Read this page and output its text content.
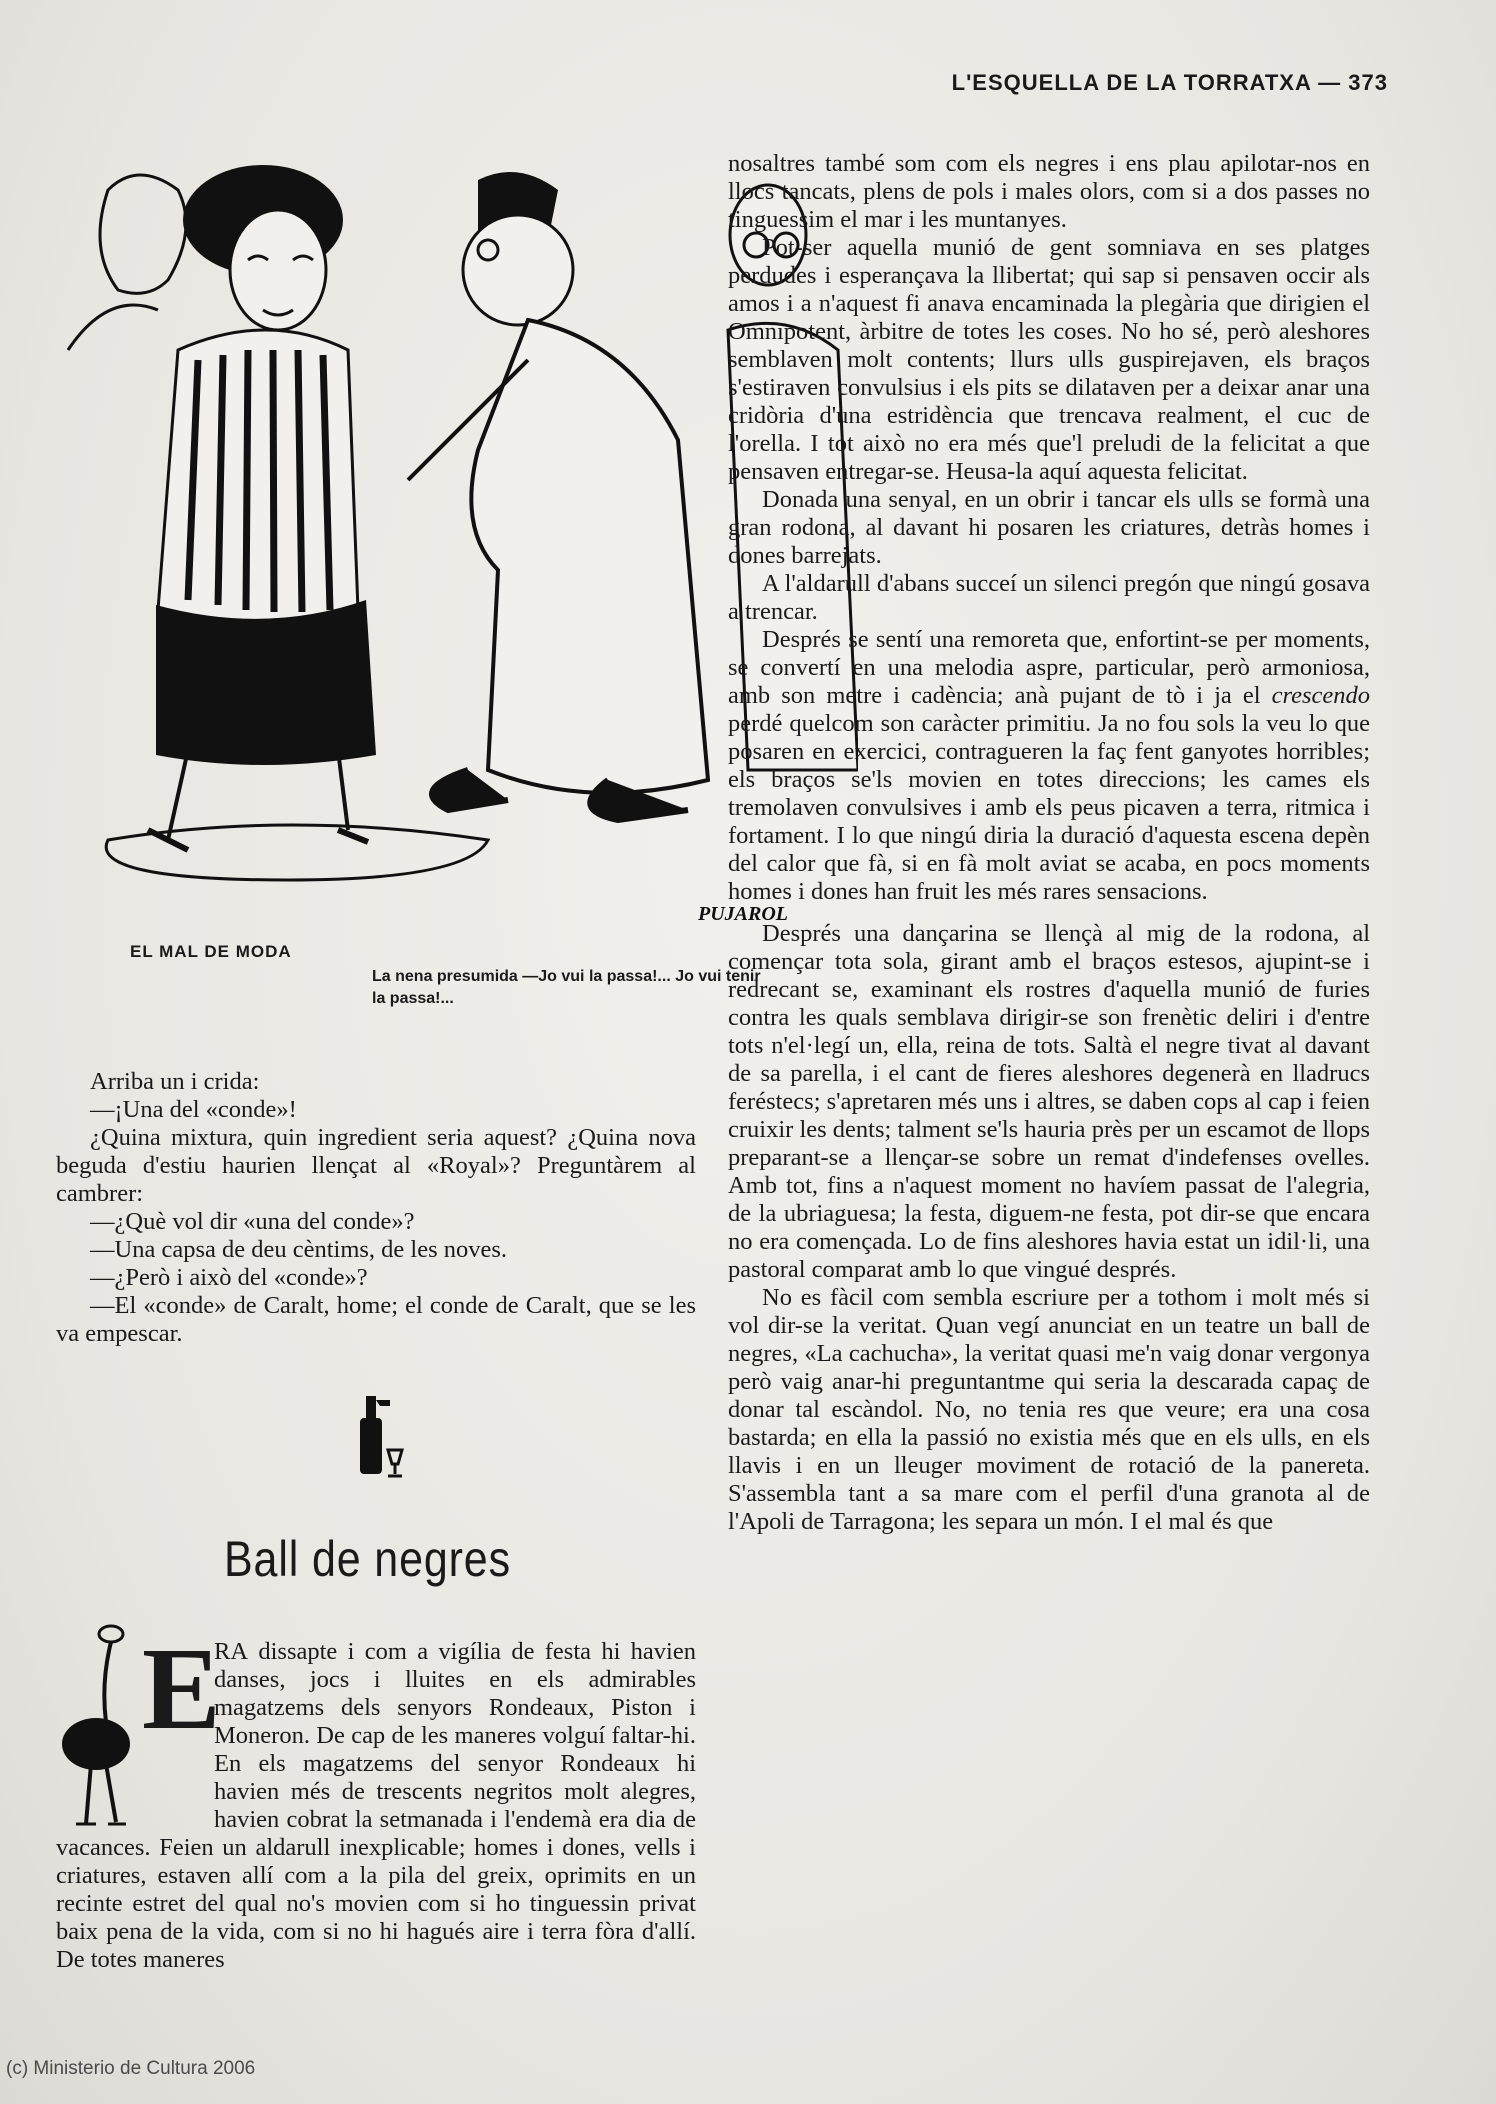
L'ESQUELLA DE LA TORRATXA — 373
PUJAROL
EL MAL DE MODA
La nena presumida —Jo vui la passa!... Jo vui tenir la passa!...

nosaltres també som com els negres i ens plau apilotar-nos en llocs tancats, plens de pols i males olors, com si a dos passes no tinguessim el mar i les muntanyes.

Pot-ser aquella munió de gent somniava en ses platges perdudes i esperançava la llibertat; qui sap si pensaven occir als amos i a n'aquest fi anava encaminada la plegària que dirigien el Omnipotent, àrbitre de totes les coses. No ho sé, però aleshores semblaven molt contents; llurs ulls guspirejaven, els braços s'estiraven convulsius i els pits se dilataven per a deixar anar una cridòria d'una estridència que trencava realment, el cuc de l'orella. I tot això no era més que'l preludi de la felicitat a que pensaven entregar-se. Heusa-la aquí aquesta felicitat.

Donada una senyal, en un obrir i tancar els ulls se formà una gran rodona, al davant hi posaren les criatures, detràs homes i dones barrejats.

A l'aldarull d'abans succeí un silenci pregón que ningú gosava a trencar.

Després se sentí una remoreta que, enfortint-se per moments, se convertí en una melodia aspre, particular, però armoniosa, amb son metre i cadència; anà pujant de tò i ja el crescendo perdé quelcom son caràcter primitiu. Ja no fou sols la veu lo que posaren en exercici, contragueren la faç fent ganyotes horribles; els braços se'ls movien en totes direccions; les cames els tremolaven convulsives i amb els peus picaven a terra, ritmica i fortament. I lo que ningú diria la duració d'aquesta escena depèn del calor que fà, si en fà molt aviat se acaba, en pocs moments homes i dones han fruit les més rares sensacions.

Després una dançarina se llençà al mig de la rodona, al començar tota sola, girant amb el braços estesos, ajupint-se i redrecant se, examinant els rostres d'aquella munió de furies contra les quals semblava dirigir-se son frenètic deliri i d'entre tots n'el·legí un, ella, reina de tots. Saltà el negre tivat al davant de sa parella, i el cant de fieres aleshores degenerà en lladrucs feréstecs; s'apretaren més uns i altres, se daben cops al cap i feien cruixir les dents; talment se'ls hauria près per un escamot de llops preparant-se a llençar-se sobre un remat d'indefenses ovelles. Amb tot, fins a n'aquest moment no havíem passat de l'alegria, de la ubriaguesa; la festa, diguem-ne festa, pot dir-se que encara no era començada. Lo de fins aleshores havia estat un idil·li, una pastoral comparat amb lo que vingué després.

No es fàcil com sembla escriure per a tothom i molt més si vol dir-se la veritat. Quan vegí anunciat en un teatre un ball de negres, «La cachucha», la veritat quasi me'n vaig donar vergonya però vaig anar-hi preguntantme qui seria la descarada capaç de donar tal escàndol. No, no tenia res que veure; era una cosa bastarda; en ella la passió no existia més que en els ulls, en els llavis i en un lleuger moviment de rotació de la panereta. S'assembla tant a sa mare com el perfil d'una granota al de l'Apoli de Tarragona; les separa un món. I el mal és que

Arriba un i crida:

—¡Una del «conde»!

¿Quina mixtura, quin ingredient seria aquest? ¿Quina nova beguda d'estiu haurien llençat al «Royal»? Preguntàrem al cambrer:

—¿Què vol dir «una del conde»?

—Una capsa de deu cèntims, de les noves.

—¿Però i això del «conde»?

—El «conde» de Caralt, home; el conde de Caralt, que se les va empescar.

Ball de negres
E
RA dissapte i com a vigília de festa hi havien danses, jocs i lluites en els admirables magatzems dels senyors Rondeaux, Piston i Moneron. De cap de les maneres volguí faltar-hi. En els magatzems del senyor Rondeaux hi havien més de trescents negritos molt alegres, havien cobrat la setmanada i l'endemà era dia de vacances. Feien un aldarull inexplicable; homes i dones, vells i criatures, estaven allí com a la pila del greix, oprimits en un recinte estret del qual no's movien com si ho tinguessin privat baix pena de la vida, com si no hi hagués aire i terra fòra d'allí. De totes maneres
(c) Ministerio de Cultura 2006
